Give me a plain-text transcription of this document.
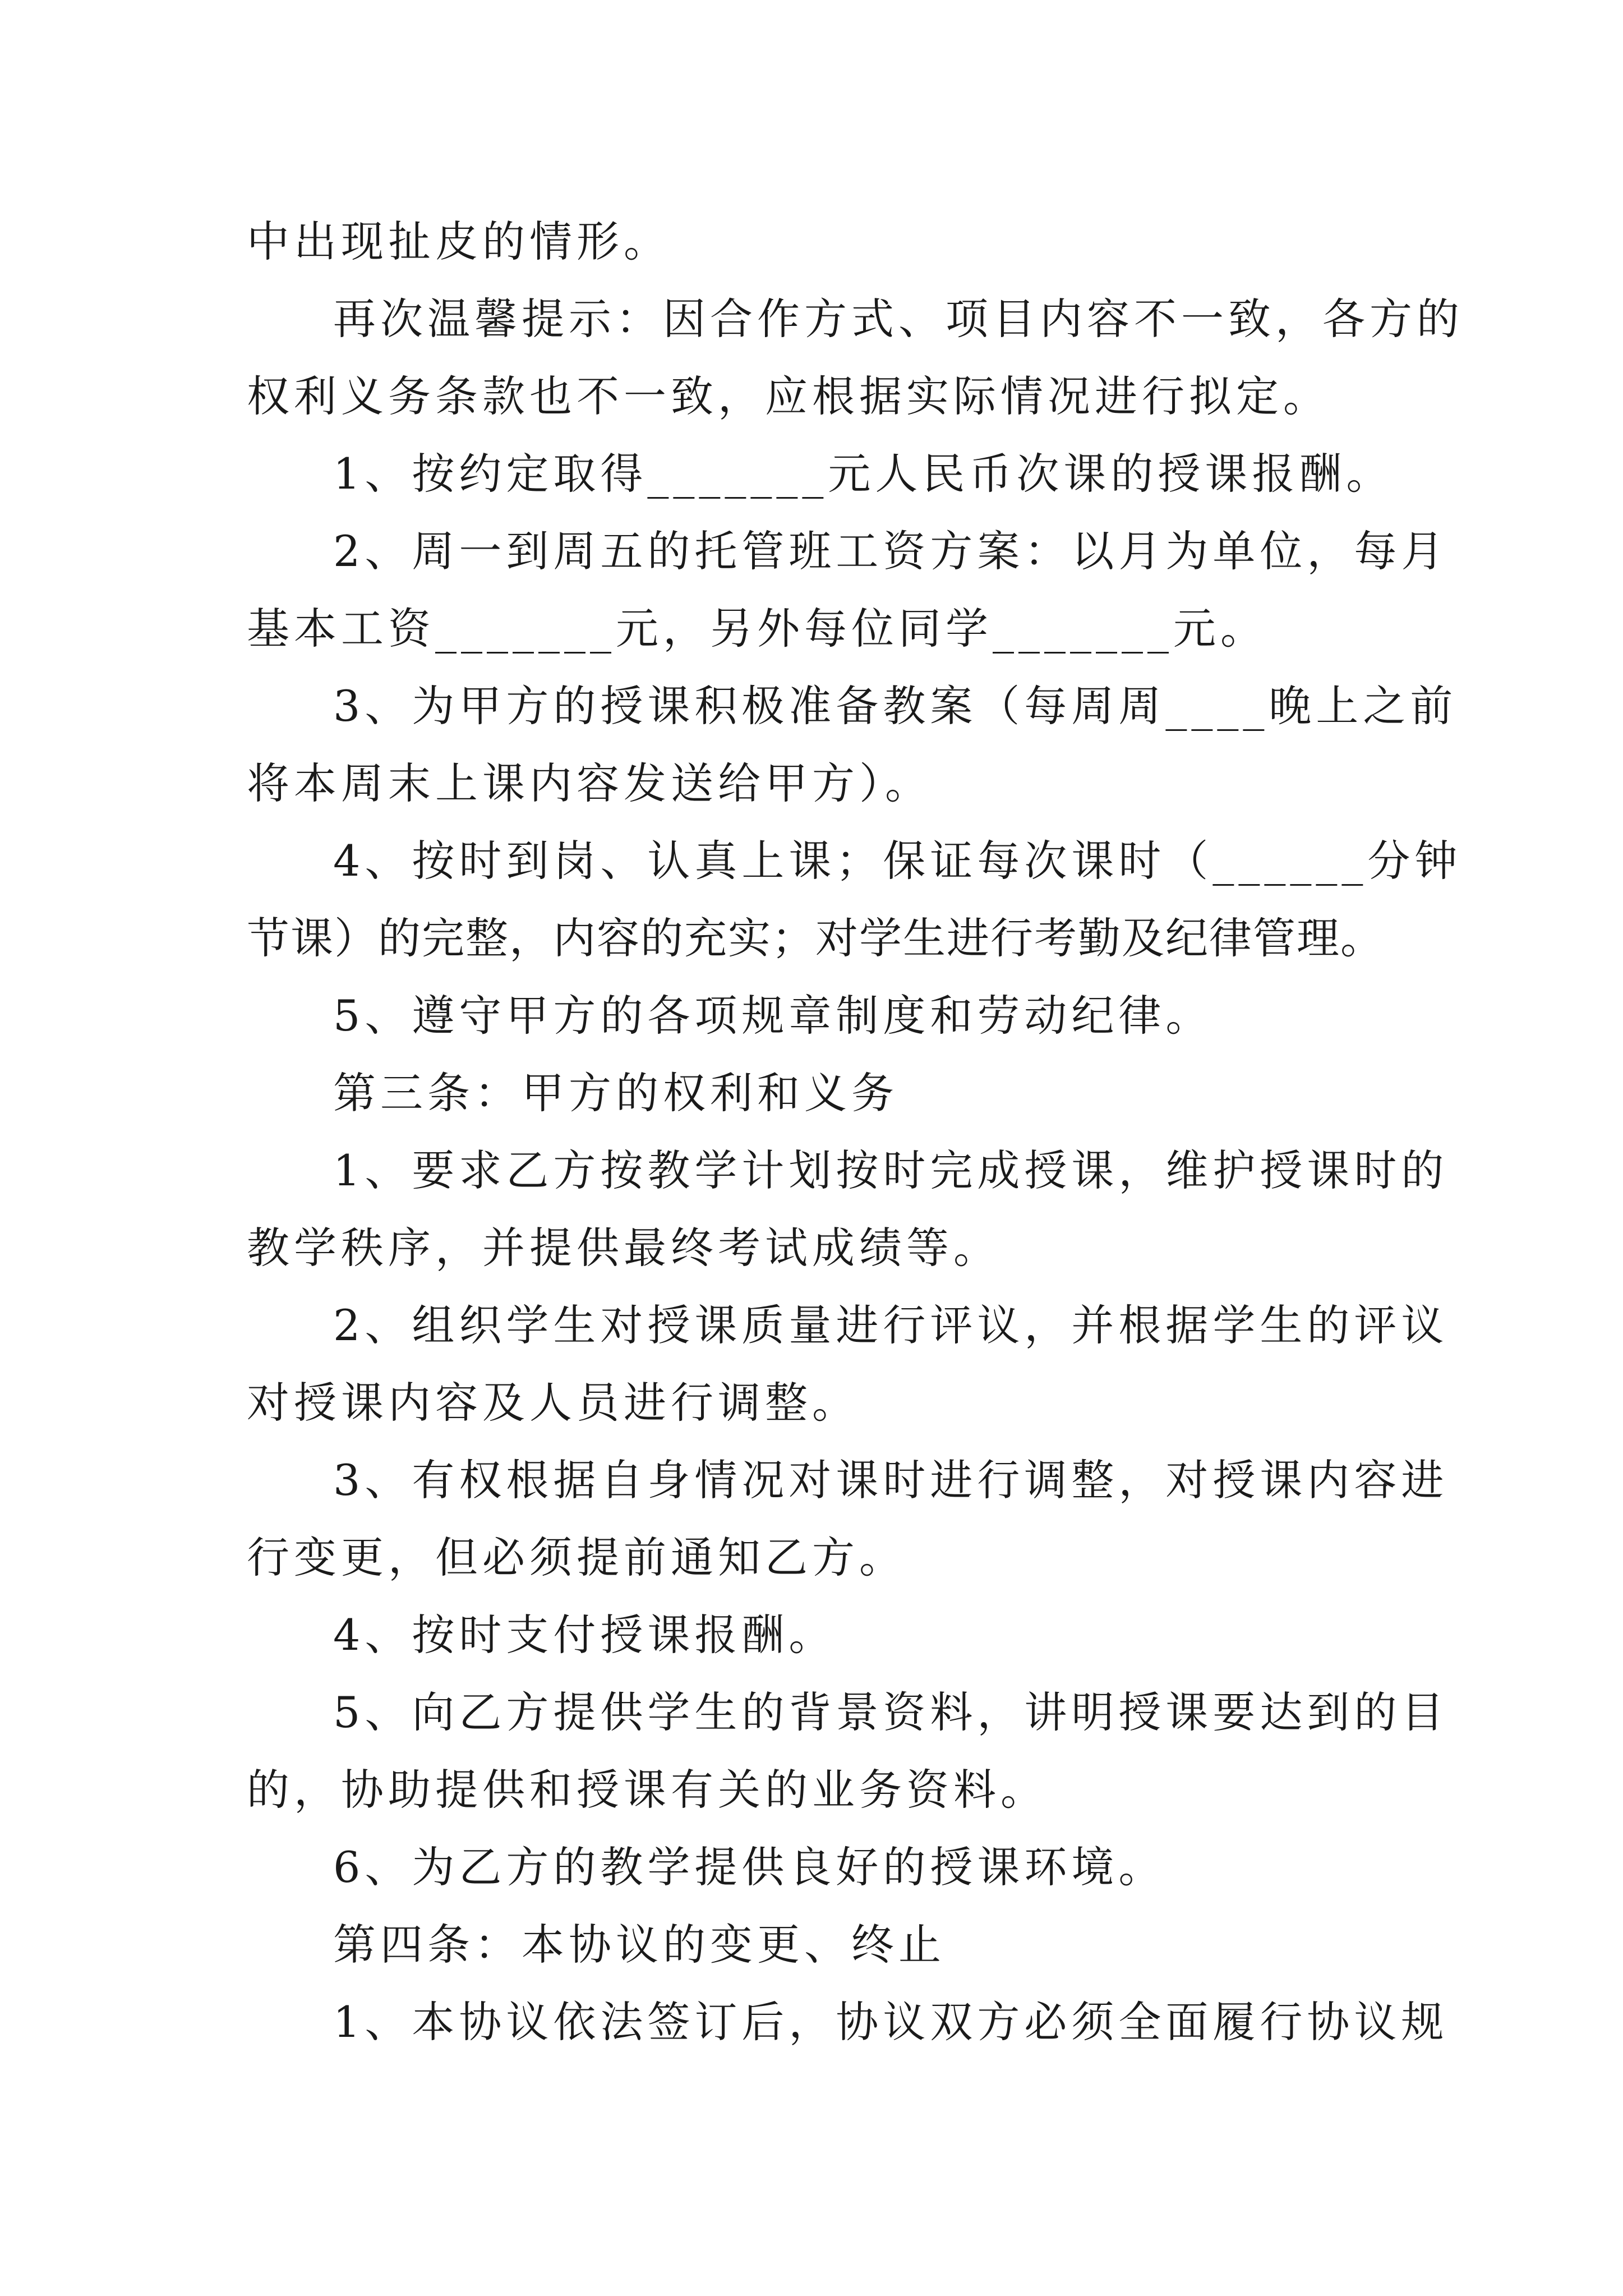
中出现扯皮的情形。
再次温馨提示：因合作方式、项目内容不一致，各方的
权利义务条款也不一致，应根据实际情况进行拟定。
1、按约定取得_______元人民币次课的授课报酬。
2、周一到周五的托管班工资方案：以月为单位，每月
基本工资_______元，另外每位同学_______元。
3、为甲方的授课积极准备教案（每周周____晚上之前
将本周末上课内容发送给甲方）。
4、按时到岗、认真上课；保证每次课时（______分钟
节课）的完整，内容的充实；对学生进行考勤及纪律管理。
5、遵守甲方的各项规章制度和劳动纪律。
第三条：甲方的权利和义务
1、要求乙方按教学计划按时完成授课，维护授课时的
教学秩序，并提供最终考试成绩等。
2、组织学生对授课质量进行评议，并根据学生的评议
对授课内容及人员进行调整。
3、有权根据自身情况对课时进行调整，对授课内容进
行变更，但必须提前通知乙方。
4、按时支付授课报酬。
5、向乙方提供学生的背景资料，讲明授课要达到的目
的，协助提供和授课有关的业务资料。
6、为乙方的教学提供良好的授课环境。
第四条：本协议的变更、终止
1、本协议依法签订后，协议双方必须全面履行协议规
